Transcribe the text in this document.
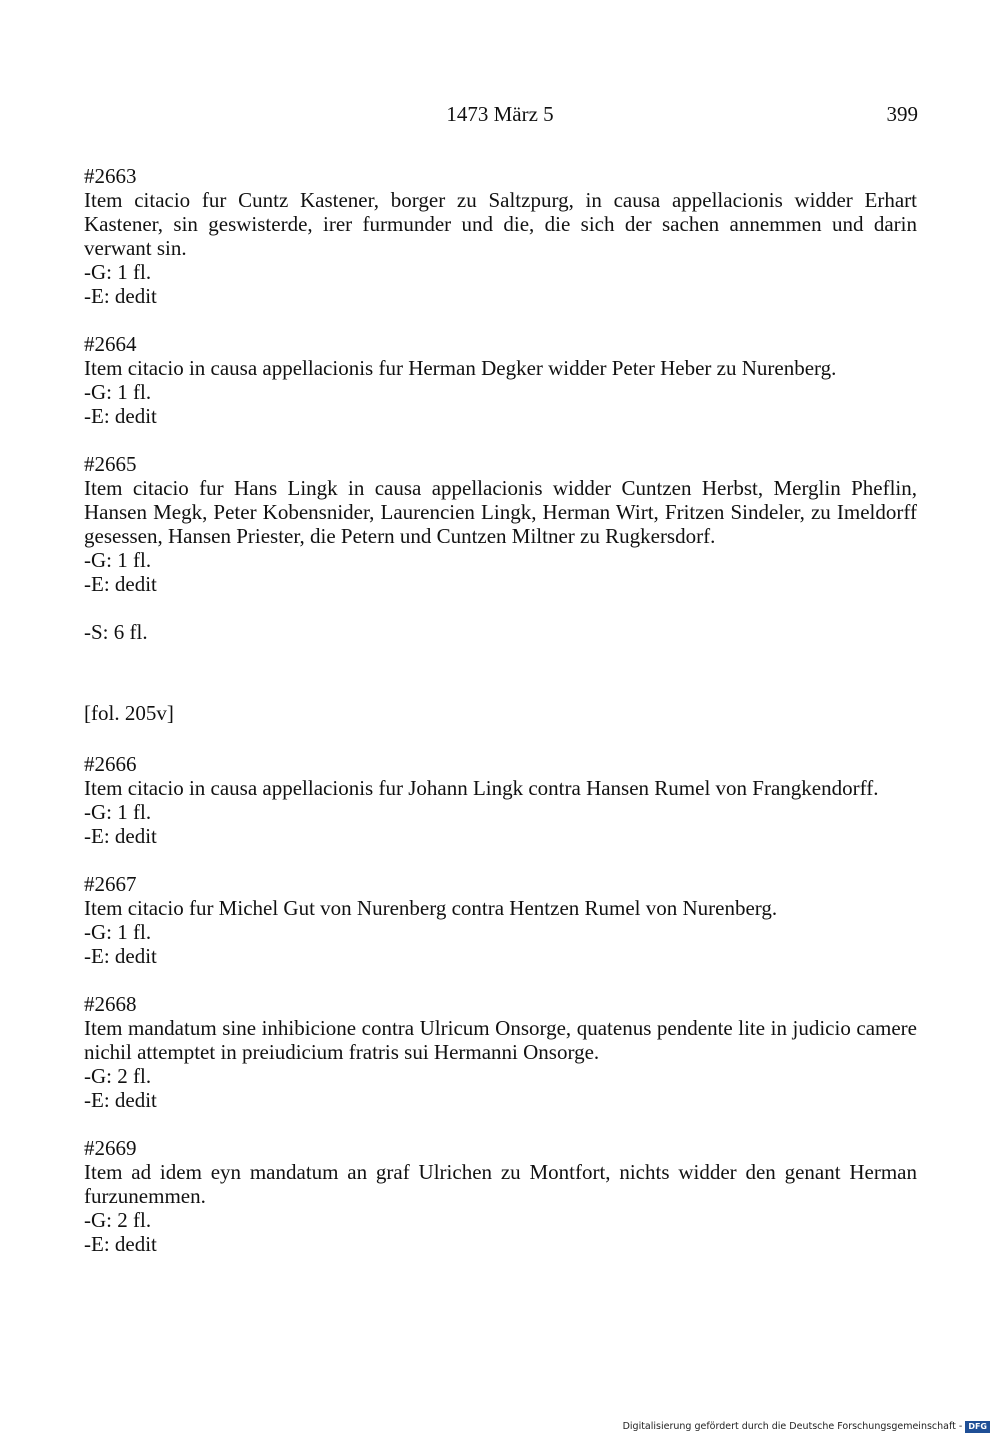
1473 März 5	399
#2663
Item citacio fur Cuntz Kastener, borger zu Saltzpurg, in causa appellacionis widder Erhart Kastener, sin geswisterde, irer furmunder und die, die sich der sachen annemmen und darin verwant sin.
-G: 1 fl.
-E: dedit
#2664
Item citacio in causa appellacionis fur Herman Degker widder Peter Heber zu Nurenberg.
-G: 1 fl.
-E: dedit
#2665
Item citacio fur Hans Lingk in causa appellacionis widder Cuntzen Herbst, Merglin Pheflin, Hansen Megk, Peter Kobensnider, Laurencien Lingk, Herman Wirt, Fritzen Sindeler, zu Imeldorff gesessen, Hansen Priester, die Petern und Cuntzen Miltner zu Rugkersdorf.
-G: 1 fl.
-E: dedit
-S: 6 fl.
[fol. 205v]
#2666
Item citacio in causa appellacionis fur Johann Lingk contra Hansen Rumel von Frangkendorff.
-G: 1 fl.
-E: dedit
#2667
Item citacio fur Michel Gut von Nurenberg contra Hentzen Rumel von Nurenberg.
-G: 1 fl.
-E: dedit
#2668
Item mandatum sine inhibicione contra Ulricum Onsorge, quatenus pendente lite in judicio camere nichil attemptet in preiudicium fratris sui Hermanni Onsorge.
-G: 2 fl.
-E: dedit
#2669
Item ad idem eyn mandatum an graf Ulrichen zu Montfort, nichts widder den genant Herman furzunemmen.
-G: 2 fl.
-E: dedit
Digitalisierung gefördert durch die Deutsche Forschungsgemeinschaft - DFG
